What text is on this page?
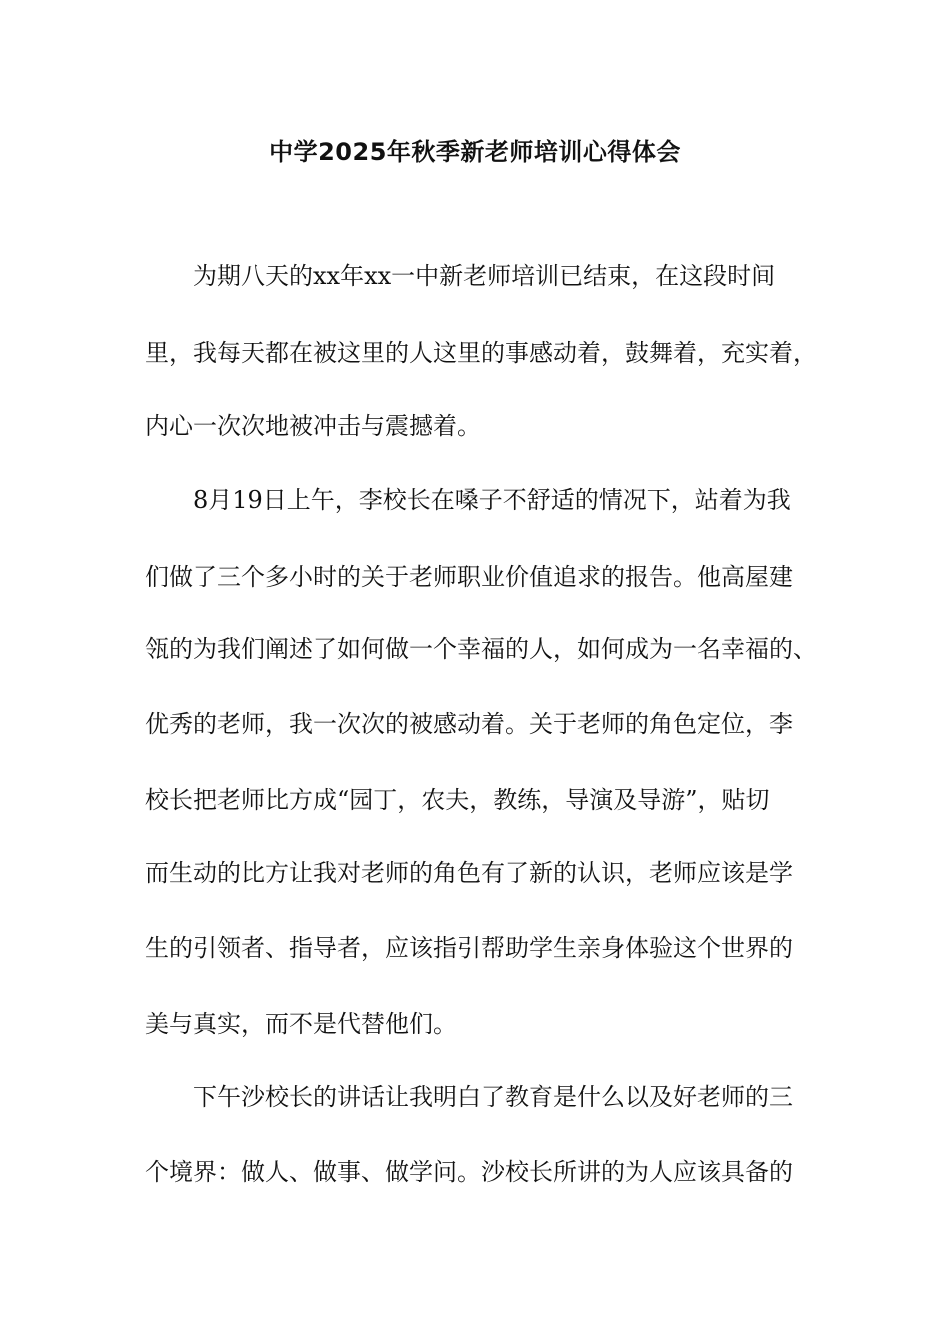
中学2025年秋季新老师培训心得体会
　　为期八天的xx年xx一中新老师培训已结束，在这段时间
里，我每天都在被这里的人这里的事感动着，鼓舞着，充实着，
内心一次次地被冲击与震撼着。
　　8月19日上午，李校长在嗓子不舒适的情况下，站着为我
们做了三个多小时的关于老师职业价值追求的报告。他高屋建
瓴的为我们阐述了如何做一个幸福的人，如何成为一名幸福的、
优秀的老师，我一次次的被感动着。关于老师的角色定位，李
校长把老师比方成“园丁，农夫，教练，导演及导游”，贴切
而生动的比方让我对老师的角色有了新的认识，老师应该是学
生的引领者、指导者，应该指引帮助学生亲身体验这个世界的
美与真实，而不是代替他们。
　　下午沙校长的讲话让我明白了教育是什么以及好老师的三
个境界：做人、做事、做学问。沙校长所讲的为人应该具备的
